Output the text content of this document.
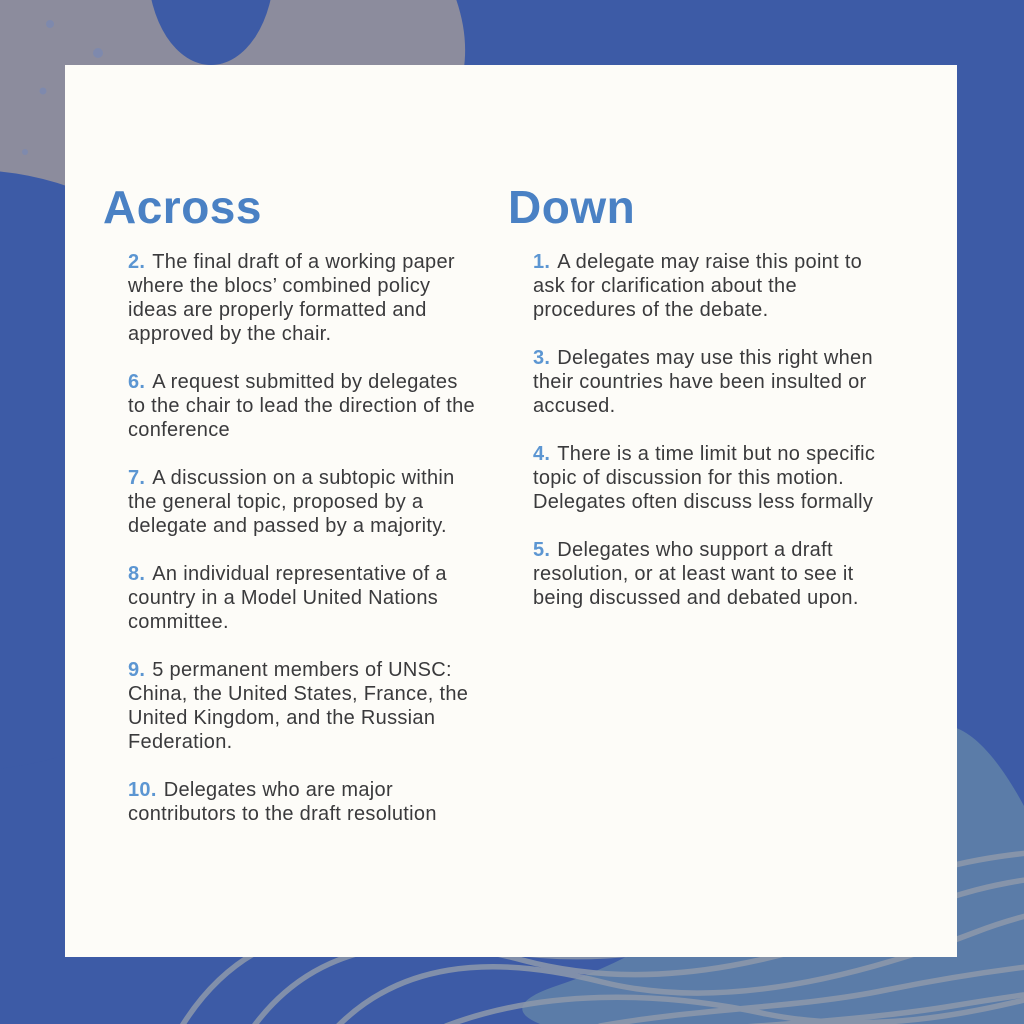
Across

2. The final draft of a working paper where the blocs’ combined policy ideas are properly formatted and approved by the chair.

6. A request submitted by delegates to the chair to lead the direction of the conference

7. A discussion on a subtopic within the general topic, proposed by a delegate and passed by a majority.

8. An individual representative of a country in a Model United Nations committee.

9. 5 permanent members of UNSC: China, the United States, France, the United Kingdom, and the Russian Federation.

10. Delegates who are major contributors to the draft resolution

Down

1. A delegate may raise this point to ask for clarification about the procedures of the debate.

3. Delegates may use this right when their countries have been insulted or accused.

4. There is a time limit but no specific topic of discussion for this motion. Delegates often discuss less formally

5. Delegates who support a draft resolution, or at least want to see it being discussed and debated upon.
